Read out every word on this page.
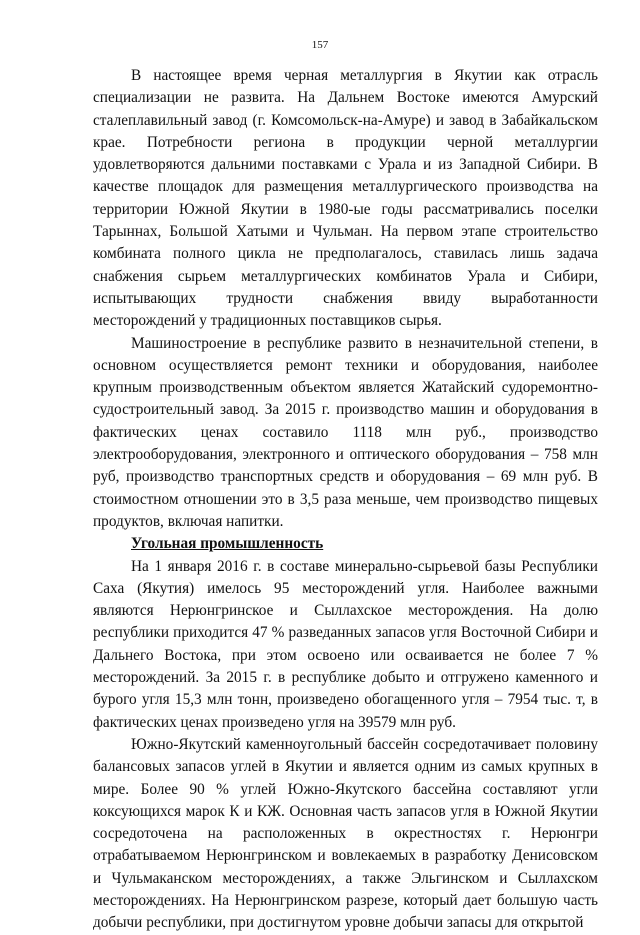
157

В настоящее время черная металлургия в Якутии как отрасль специализации не развита. На Дальнем Востоке имеются Амурский сталеплавильный завод (г. Комсомольск-на-Амуре) и завод в Забайкальском крае. Потребности региона в продукции черной металлургии удовлетворяются дальними поставками с Урала и из Западной Сибири. В качестве площадок для размещения металлургического производства на территории Южной Якутии в 1980-ые годы рассматривались поселки Тарыннах, Большой Хатыми и Чульман. На первом этапе строительство комбината полного цикла не предполагалось, ставилась лишь задача снабжения сырьем металлургических комбинатов Урала и Сибири, испытывающих трудности снабжения ввиду выработанности месторождений у традиционных поставщиков сырья.

Машиностроение в республике развито в незначительной степени, в основном осуществляется ремонт техники и оборудования, наиболее крупным производственным объектом является Жатайский судоремонтно-судостроительный завод. За 2015 г. производство машин и оборудования в фактических ценах составило 1118 млн руб., производство электрооборудования, электронного и оптического оборудования – 758 млн руб, производство транспортных средств и оборудования – 69 млн руб. В стоимостном отношении это в 3,5 раза меньше, чем производство пищевых продуктов, включая напитки.

Угольная промышленность

На 1 января 2016 г. в составе минерально-сырьевой базы Республики Саха (Якутия) имелось 95 месторождений угля. Наиболее важными являются Нерюнгринское и Сыллахское месторождения. На долю республики приходится 47 % разведанных запасов угля Восточной Сибири и Дальнего Востока, при этом освоено или осваивается не более 7 % месторождений. За 2015 г. в республике добыто и отгружено каменного и бурого угля 15,3 млн тонн, произведено обогащенного угля – 7954 тыс. т, в фактических ценах произведено угля на 39579 млн руб.

Южно-Якутский каменноугольный бассейн сосредотачивает половину балансовых запасов углей в Якутии и является одним из самых крупных в мире. Более 90 % углей Южно-Якутского бассейна составляют угли коксующихся марок К и КЖ. Основная часть запасов угля в Южной Якутии сосредоточена на расположенных в окрестностях г. Нерюнгри отрабатываемом Нерюнгринском и вовлекаемых в разработку Денисовском и Чульмаканском месторождениях, а также Эльгинском и Сыллахском месторождениях. На Нерюнгринском разрезе, который дает большую часть добычи республики, при достигнутом уровне добычи запасы для открытой
